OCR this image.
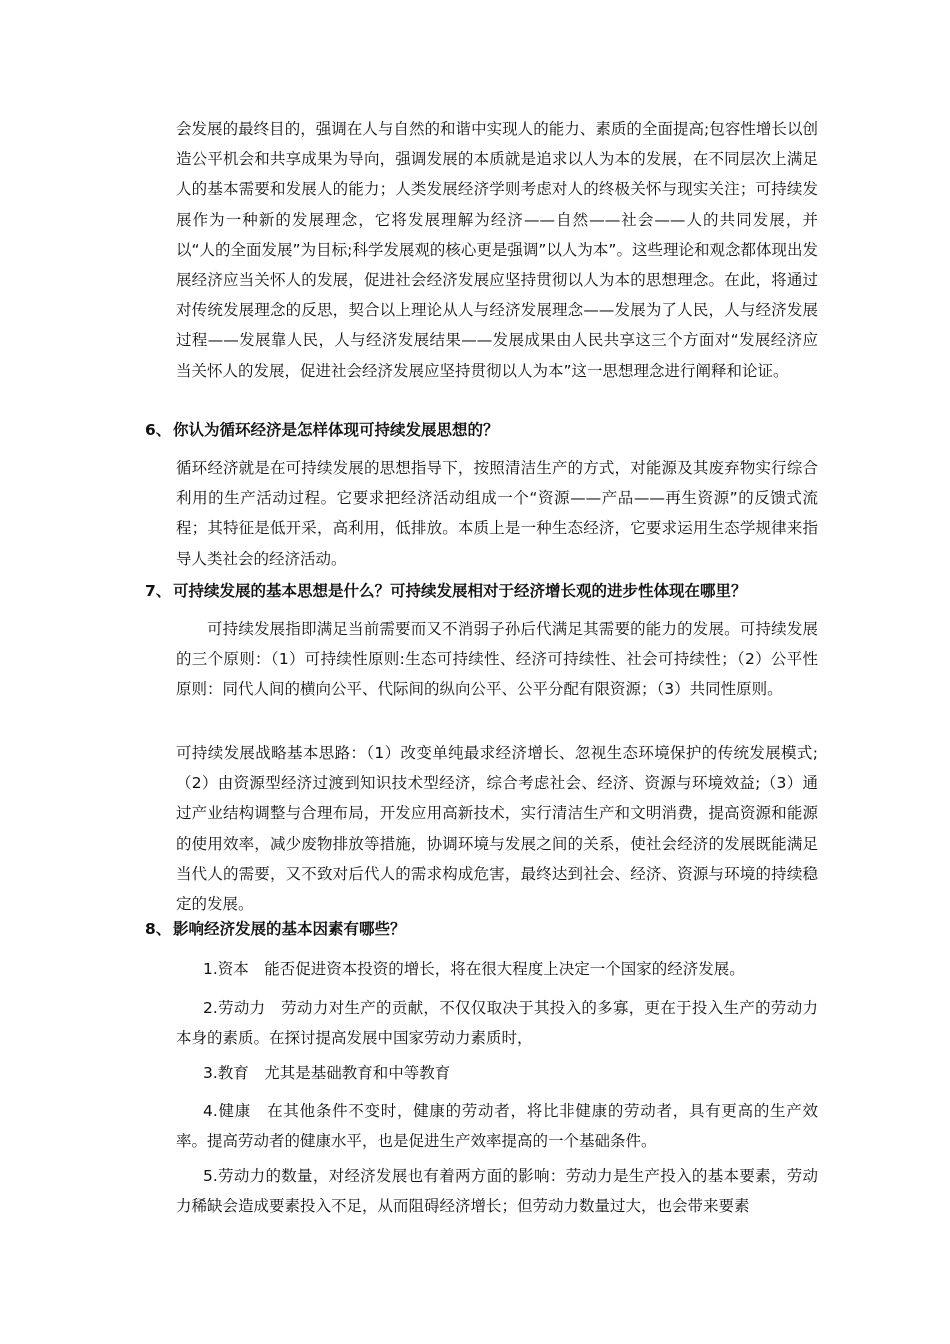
会发展的最终目的，强调在人与自然的和谐中实现人的能力、素质的全面提高;包容性增长以创造公平机会和共享成果为导向，强调发展的本质就是追求以人为本的发展，在不同层次上满足人的基本需要和发展人的能力；人类发展经济学则考虑对人的终极关怀与现实关注；可持续发展作为一种新的发展理念，它将发展理解为经济——自然——社会——人的共同发展，并以“人的全面发展”为目标;科学发展观的核心更是强调”以人为本”。这些理论和观念都体现出发展经济应当关怀人的发展，促进社会经济发展应坚持贯彻以人为本的思想理念。在此，将通过对传统发展理念的反思，契合以上理论从人与经济发展理念——发展为了人民，人与经济发展过程——发展靠人民，人与经济发展结果——发展成果由人民共享这三个方面对“发展经济应当关怀人的发展，促进社会经济发展应坚持贯彻以人为本”这一思想理念进行阐释和论证。

6、 你认为循环经济是怎样体现可持续发展思想的？

循环经济就是在可持续发展的思想指导下，按照清洁生产的方式，对能源及其废弃物实行综合利用的生产活动过程。它要求把经济活动组成一个“资源——产品——再生资源”的反馈式流程；其特征是低开采，高利用，低排放。本质上是一种生态经济，它要求运用生态学规律来指导人类社会的经济活动。

7、 可持续发展的基本思想是什么？可持续发展相对于经济增长观的进步性体现在哪里？

可持续发展指即满足当前需要而又不消弱子孙后代满足其需要的能力的发展。可持续发展的三个原则：（1）可持续性原则:生态可持续性、经济可持续性、社会可持续性；（2）公平性原则：同代人间的横向公平、代际间的纵向公平、公平分配有限资源；（3）共同性原则。

可持续发展战略基本思路：（1）改变单纯最求经济增长、忽视生态环境保护的传统发展模式;（2）由资源型经济过渡到知识技术型经济，综合考虑社会、经济、资源与环境效益;（3）通过产业结构调整与合理布局，开发应用高新技术，实行清洁生产和文明消费，提高资源和能源的使用效率，减少废物排放等措施，协调环境与发展之间的关系，使社会经济的发展既能满足当代人的需要，又不致对后代人的需求构成危害，最终达到社会、经济、资源与环境的持续稳定的发展。

8、 影响经济发展的基本因素有哪些？

1.资本　能否促进资本投资的增长，将在很大程度上决定一个国家的经济发展。

2.劳动力　劳动力对生产的贡献，不仅仅取决于其投入的多寡，更在于投入生产的劳动力本身的素质。在探讨提高发展中国家劳动力素质时，

3.教育　尤其是基础教育和中等教育

4.健康　在其他条件不变时，健康的劳动者，将比非健康的劳动者，具有更高的生产效率。提高劳动者的健康水平，也是促进生产效率提高的一个基础条件。

5.劳动力的数量，对经济发展也有着两方面的影响：劳动力是生产投入的基本要素，劳动力稀缺会造成要素投入不足，从而阻碍经济增长；但劳动力数量过大，也会带来要素
